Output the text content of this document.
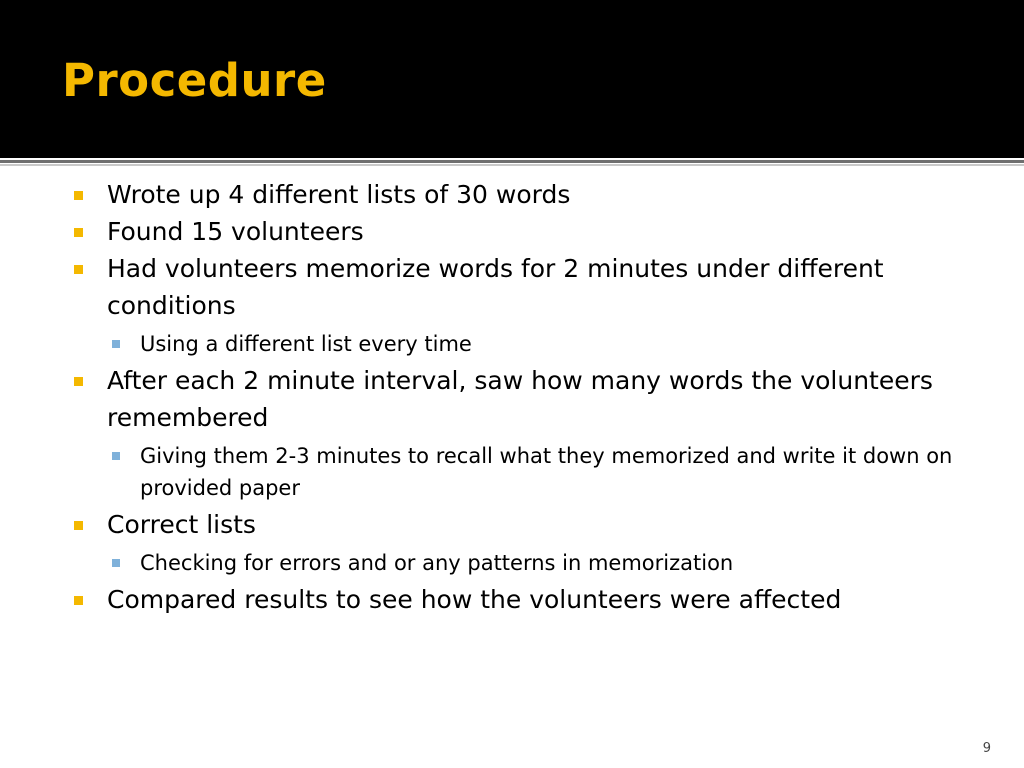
Procedure
Wrote up 4 different lists of 30 words
Found 15 volunteers
Had volunteers memorize words for 2 minutes under different conditions
Using a different list every time
After each 2 minute interval, saw how many words the volunteers remembered
Giving them 2-3 minutes to recall what they memorized and write it down on provided paper
Correct lists
Checking for errors and or any patterns in memorization
Compared results to see how the volunteers were affected
9
